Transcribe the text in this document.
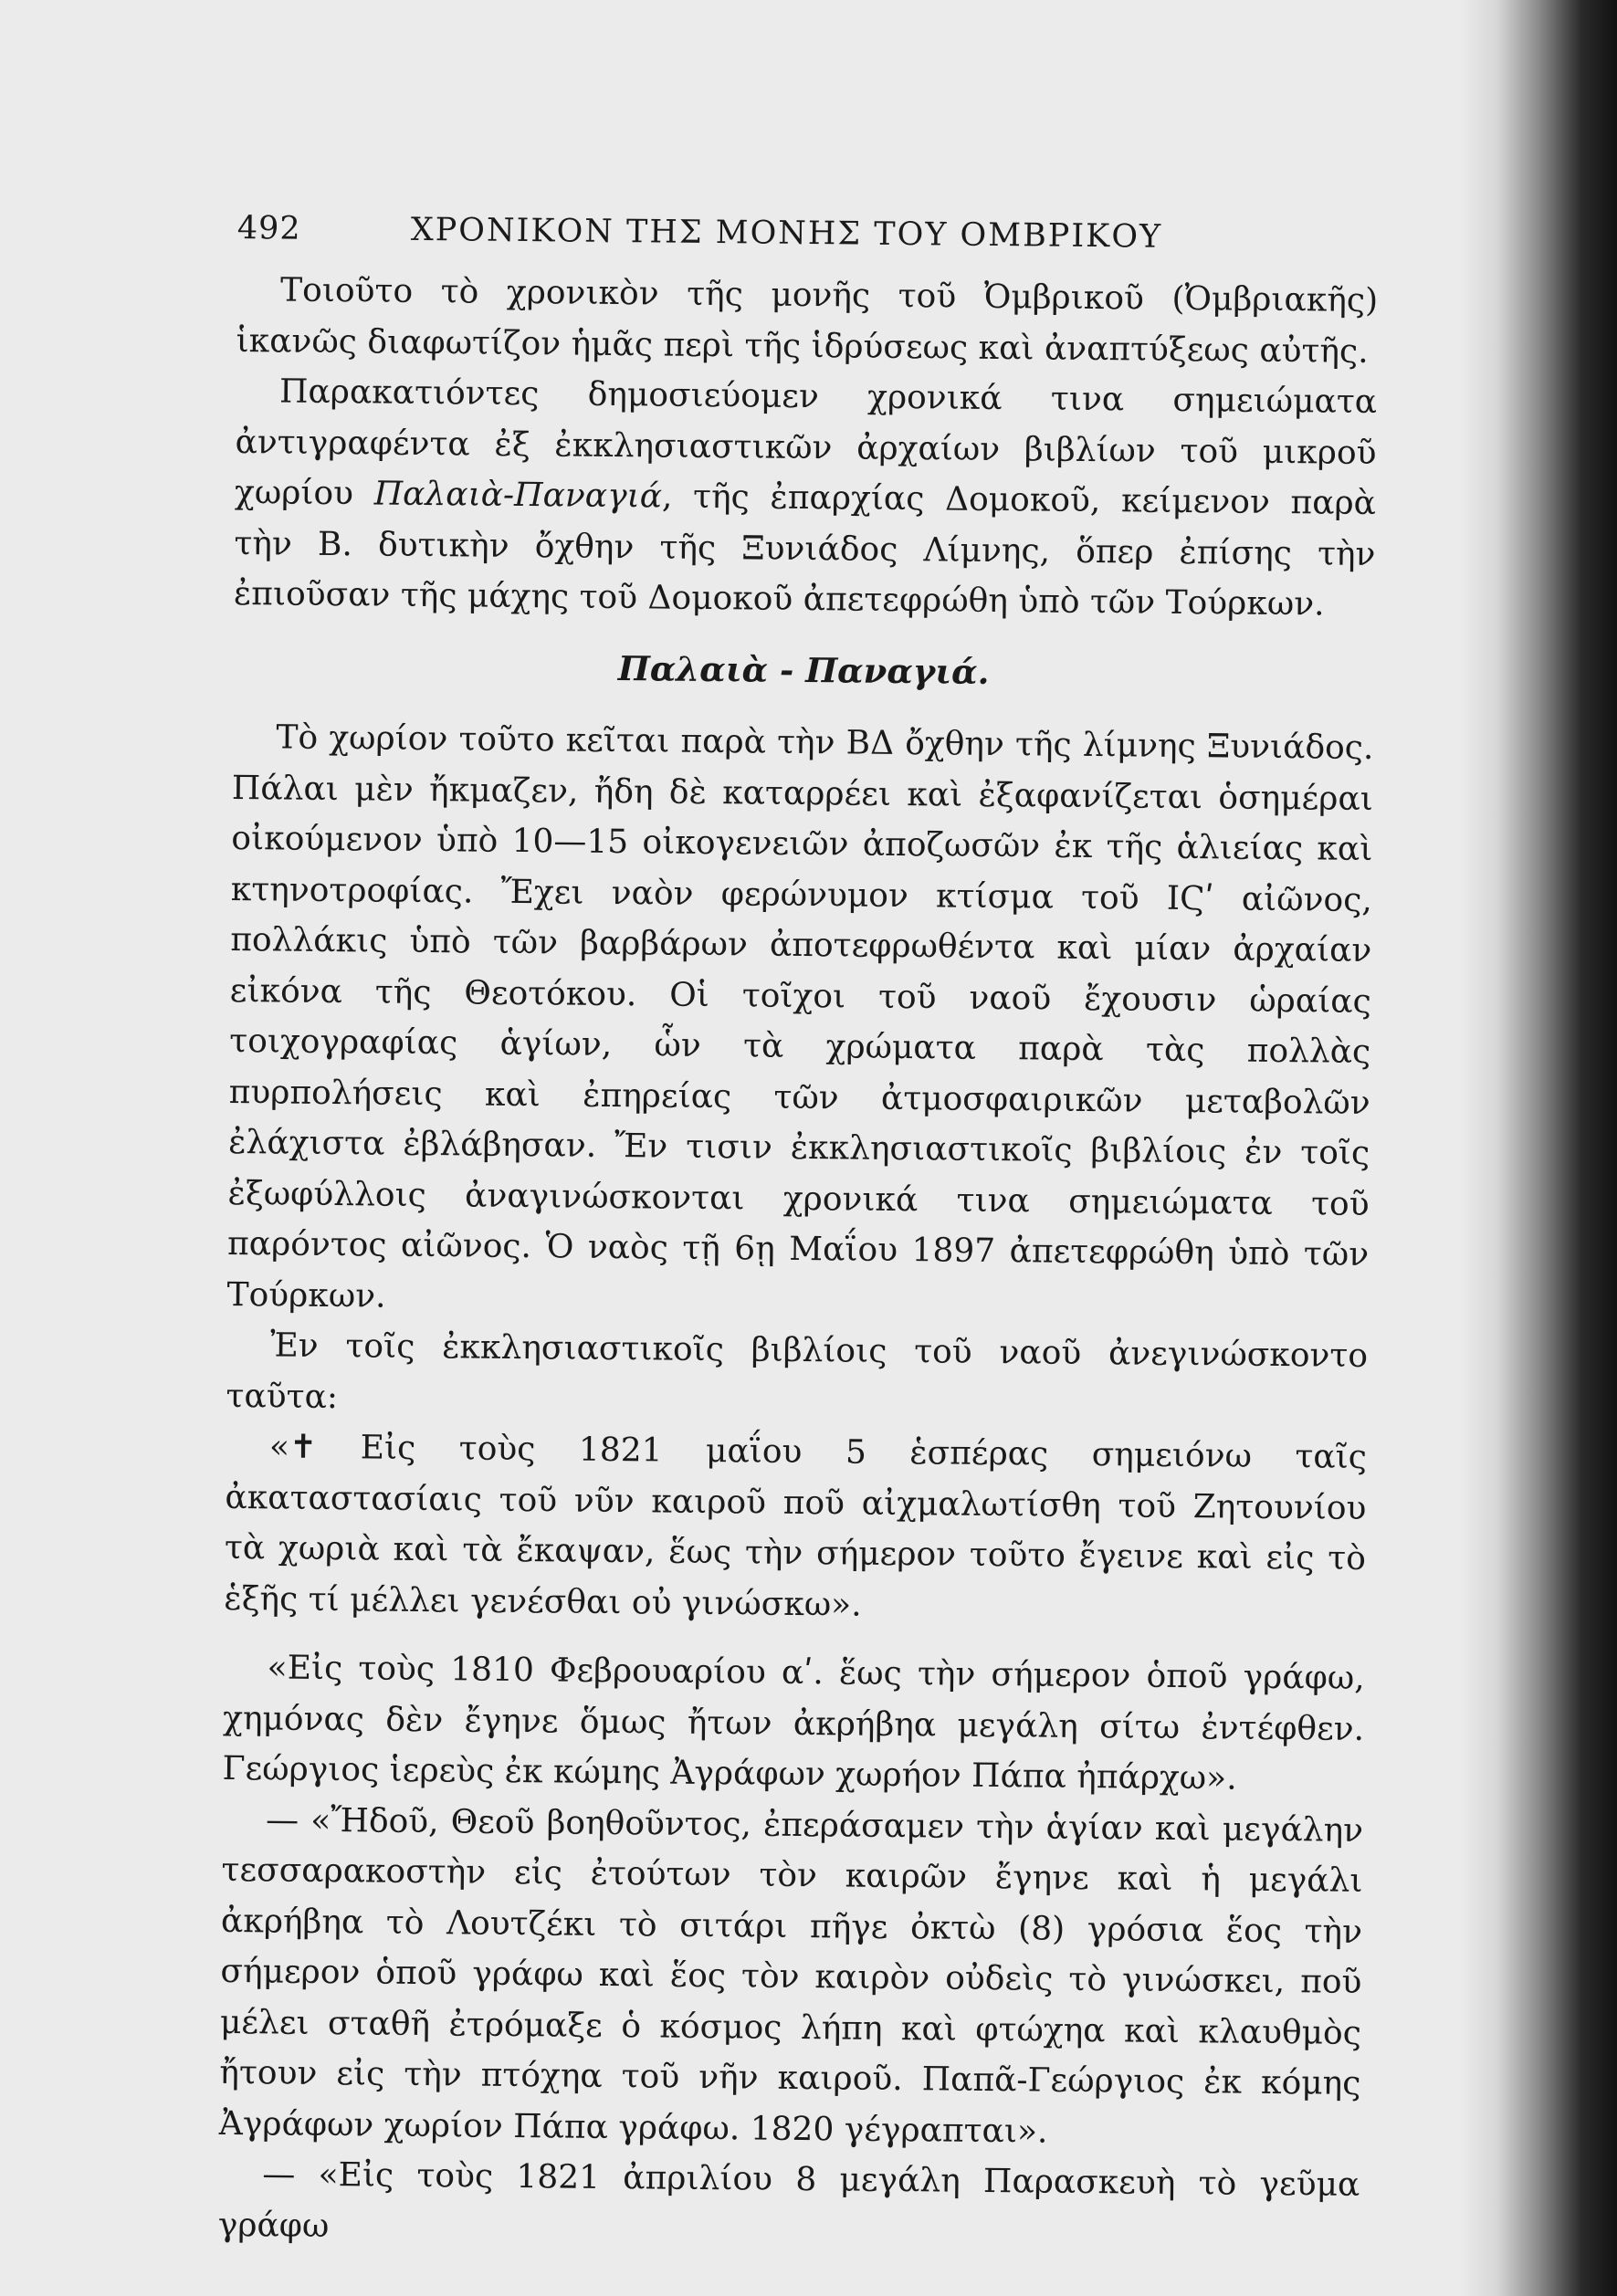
492	ΧΡΟΝΙΚΟΝ ΤΗΣ ΜΟΝΗΣ ΤΟΥ ΟΜΒΡΙΚΟΥ

Τοιοῦτο τὸ χρονικὸν τῆς μονῆς τοῦ Ὀμβρικοῦ (Ὀμβριακῆς) ἱκανῶς διαφωτίζον ἡμᾶς περὶ τῆς ἱδρύσεως καὶ ἀναπτύξεως αὐτῆς.

Παρακατιόντες δημοσιεύομεν χρονικά τινα σημειώματα ἀντιγραφέντα ἐξ ἐκκλησιαστικῶν ἀρχαίων βιβλίων τοῦ μικροῦ χωρίου Παλαιὰ-Παναγιά, τῆς ἐπαρχίας Δομοκοῦ, κείμενον παρὰ τὴν Β. δυτικὴν ὄχθην τῆς Ξυνιάδος Λίμνης, ὅπερ ἐπίσης τὴν ἐπιοῦσαν τῆς μάχης τοῦ Δομοκοῦ ἀπετεφρώθη ὑπὸ τῶν Τούρκων.

Παλαιὰ - Παναγιά.

Τὸ χωρίον τοῦτο κεῖται παρὰ τὴν ΒΔ ὄχθην τῆς λίμνης Ξυνιάδος. Πάλαι μὲν ἤκμαζεν, ἤδη δὲ καταρρέει καὶ ἐξαφανίζεται ὁσημέραι οἰκούμενον ὑπὸ 10—15 οἰκογενειῶν ἀποζωσῶν ἐκ τῆς ἁλιείας καὶ κτηνοτροφίας. Ἔχει ναὸν φερώνυμον κτίσμα τοῦ ΙϚʹ αἰῶνος, πολλάκις ὑπὸ τῶν βαρβάρων ἀποτεφρωθέντα καὶ μίαν ἀρχαίαν εἰκόνα τῆς Θεοτόκου. Οἱ τοῖχοι τοῦ ναοῦ ἔχουσιν ὡραίας τοιχογραφίας ἁγίων, ὧν τὰ χρώματα παρὰ τὰς πολλὰς πυρπολήσεις καὶ ἐπηρείας τῶν ἀτμοσφαιρικῶν μεταβολῶν ἐλάχιστα ἐβλάβησαν. Ἔν τισιν ἐκκλησιαστικοῖς βιβλίοις ἐν τοῖς ἐξωφύλλοις ἀναγινώσκονται χρονικά τινα σημειώματα τοῦ παρόντος αἰῶνος. Ὁ ναὸς τῇ 6ῃ Μαΐου 1897 ἀπετεφρώθη ὑπὸ τῶν Τούρκων.

Ἐν τοῖς ἐκκλησιαστικοῖς βιβλίοις τοῦ ναοῦ ἀνεγινώσκοντο ταῦτα:

«✝ Εἰς τοὺς 1821 μαΐου 5 ἑσπέρας σημειόνω ταῖς ἀκαταστασίαις τοῦ νῦν καιροῦ ποῦ αἰχμαλωτίσθη τοῦ Ζητουνίου τὰ χωριὰ καὶ τὰ ἔκαψαν, ἕως τὴν σήμερον τοῦτο ἔγεινε καὶ εἰς τὸ ἑξῆς τί μέλλει γενέσθαι οὐ γινώσκω».

«Εἰς τοὺς 1810 Φεβρουαρίου αʹ. ἕως τὴν σήμερον ὁποῦ γράφω, χημόνας δὲν ἔγηνε ὅμως ἤτων ἀκρήβηα μεγάλη σίτω ἐντέφθεν. Γεώργιος ἱερεὺς ἐκ κώμης Ἀγράφων χωρήον Πάπα ἠπάρχω».

— «Ἤδοῦ, Θεοῦ βοηθοῦντος, ἐπεράσαμεν τὴν ἁγίαν καὶ μεγάλην τεσσαρακοστὴν εἰς ἐτούτων τὸν καιρῶν ἔγηνε καὶ ἡ μεγάλι ἀκρήβηα τὸ Λουτζέκι τὸ σιτάρι πῆγε ὀκτὼ (8) γρόσια ἕος τὴν σήμερον ὁποῦ γράφω καὶ ἕος τὸν καιρὸν οὐδεὶς τὸ γινώσκει, ποῦ μέλει σταθῆ ἐτρόμαξε ὁ κόσμος λήπη καὶ φτώχηα καὶ κλαυθμὸς ἤτουν εἰς τὴν πτόχηα τοῦ νῆν καιροῦ. Παπᾶ-Γεώργιος ἐκ κόμης Ἀγράφων χωρίον Πάπα γράφω. 1820 γέγραπται».

— «Εἰς τοὺς 1821 ἀπριλίου 8 μεγάλη Παρασκευὴ τὸ γεῦμα γράφω
